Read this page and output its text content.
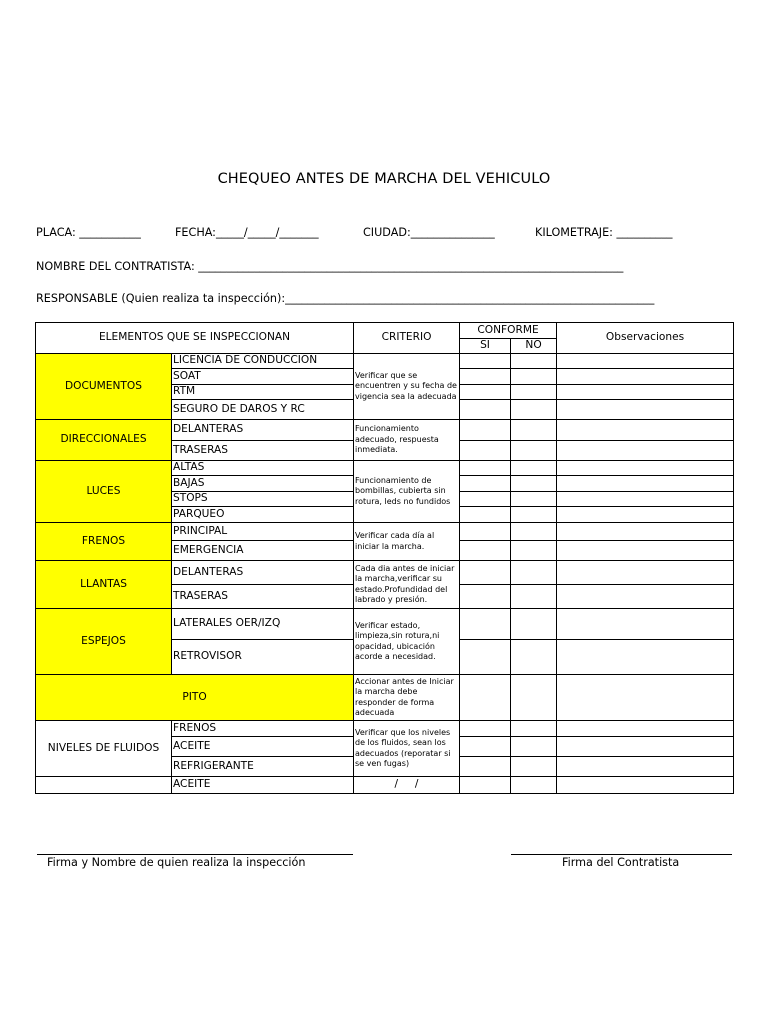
CHEQUEO ANTES DE MARCHA DEL VEHICULO
PLACA: ___________	FECHA:_____/_____/_______	CIUDAD:_______________	KILOMETRAJE: __________
NOMBRE DEL CONTRATISTA: ____________________________________________________________________________
RESPONSABLE (Quien realiza ta inspección):__________________________________________________________________
ELEMENTOS QUE SE INSPECCIONAN		CRITERIO	CONFORME		Observaciones
			SI	NO	
DOCUMENTOS	LICENCIA DE CONDUCCION	Verificar que se encuentren y su fecha de vigencia sea la adecuada			
	SOAT				
	RTM				
	SEGURO DE DAROS Y RC				
DIRECCIONALES	DELANTERAS	Funcionamiento adecuado, respuesta inmediata.			
	TRASERAS				
LUCES	ALTAS	Funcionamiento de bombillas, cubierta sin rotura, leds no fundidos			
	BAJAS				
	STOPS				
	PARQUEO				
FRENOS	PRINCIPAL	Verificar cada día al iniciar la marcha.			
	EMERGENCIA				
LLANTAS	DELANTERAS	Cada dia antes de iniciar la marcha,verificar su estado.Profundidad del labrado y presión.			
	TRASERAS				
ESPEJOS	LATERALES OER/IZQ	Verificar estado, limpieza,sin rotura,ni opacidad, ubicación acorde a necesidad.			
	RETROVISOR				
PITO		Accionar antes de Iniciar la marcha debe responder de forma adecuada			
NIVELES DE FLUIDOS	FRENOS	Verificar que los niveles de los fluidos, sean los adecuados (reporatar si se ven fugas)			
	ACEITE				
	REFRIGERANTE				
	ACEITE	/     /			
Firma y Nombre de quien realiza la inspección	Firma del Contratista
